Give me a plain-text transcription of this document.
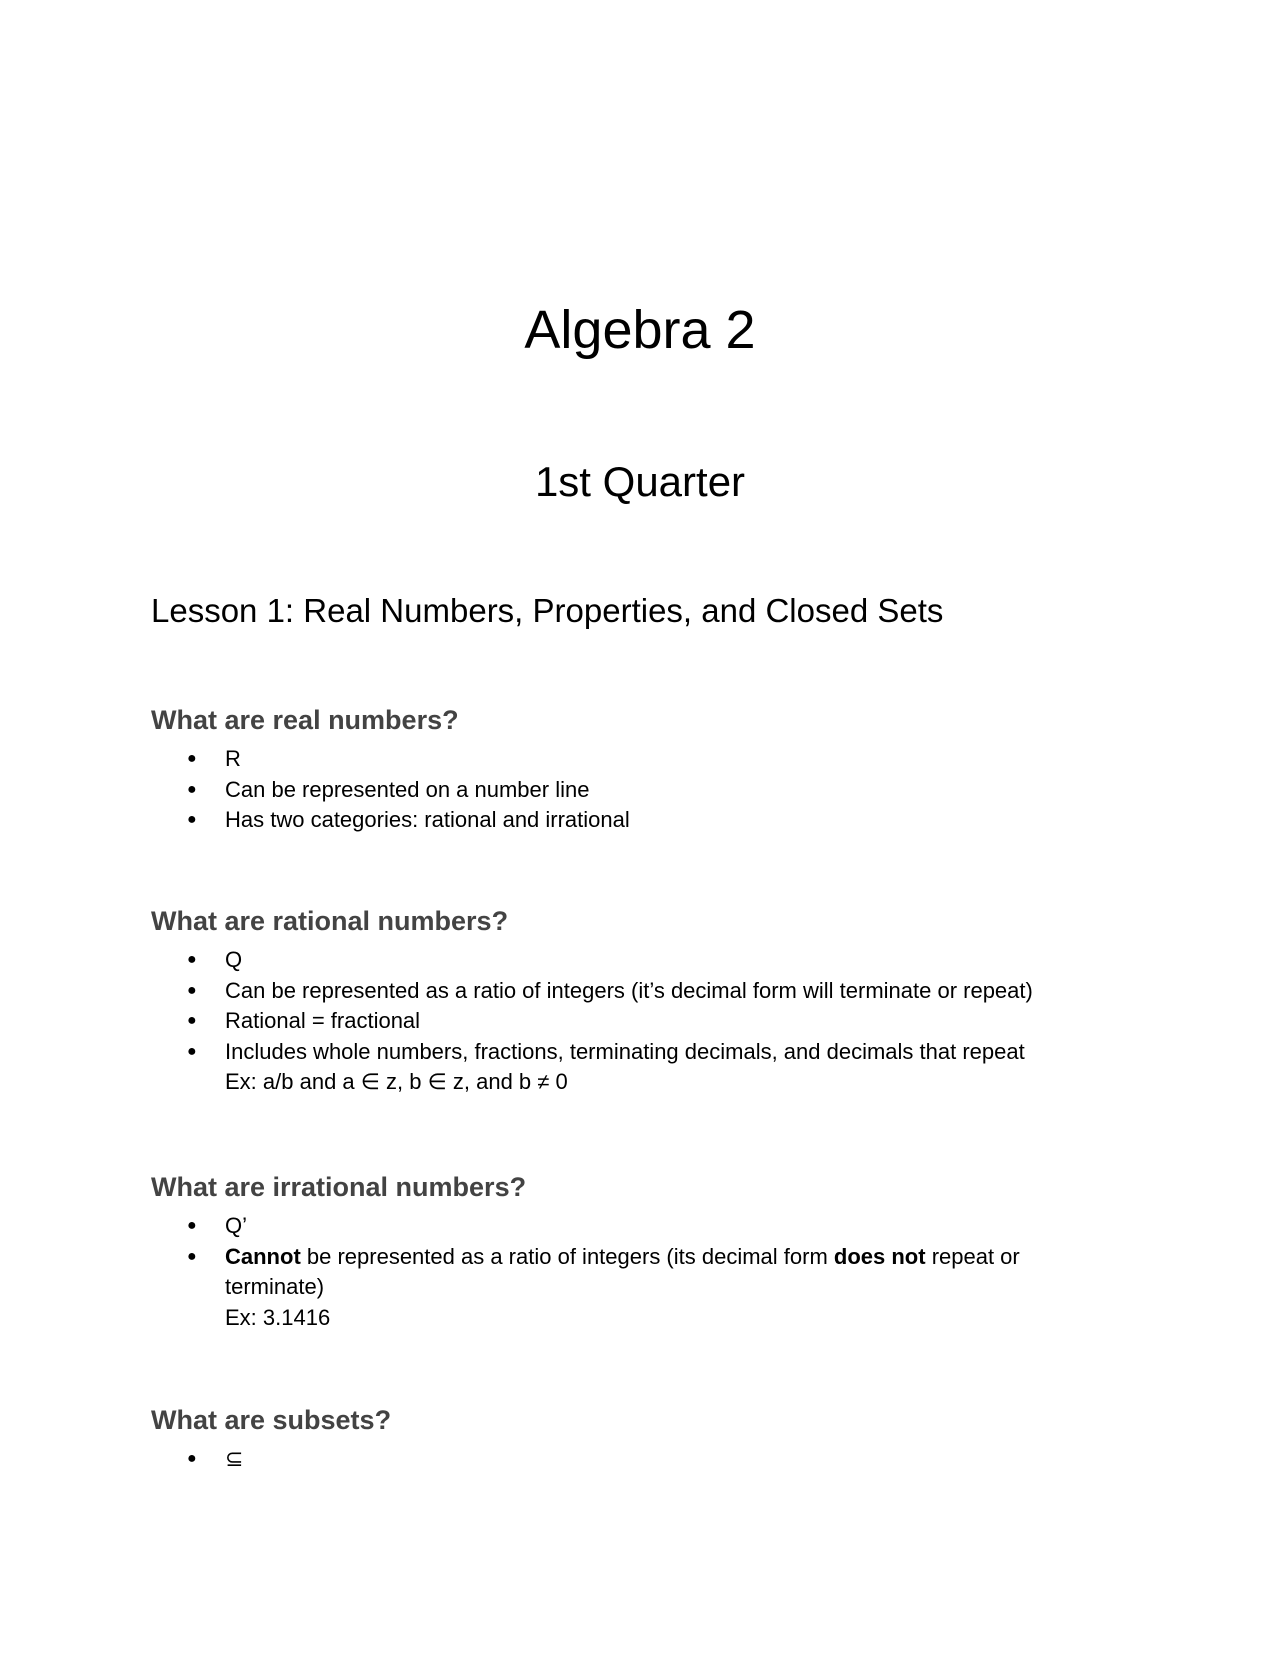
Algebra 2
1st Quarter
Lesson 1: Real Numbers, Properties, and Closed Sets
What are real numbers?
● R
● Can be represented on a number line
● Has two categories: rational and irrational
What are rational numbers?
● Q
● Can be represented as a ratio of integers (it’s decimal form will terminate or repeat)
● Rational = fractional
● Includes whole numbers, fractions, terminating decimals, and decimals that repeat
Ex: a/b and a ∈ z, b ∈ z, and b ≠ 0
What are irrational numbers?
● Q’
● Cannot be represented as a ratio of integers (its decimal form does not repeat or terminate)
Ex: 3.1416
What are subsets?
● ⊆
